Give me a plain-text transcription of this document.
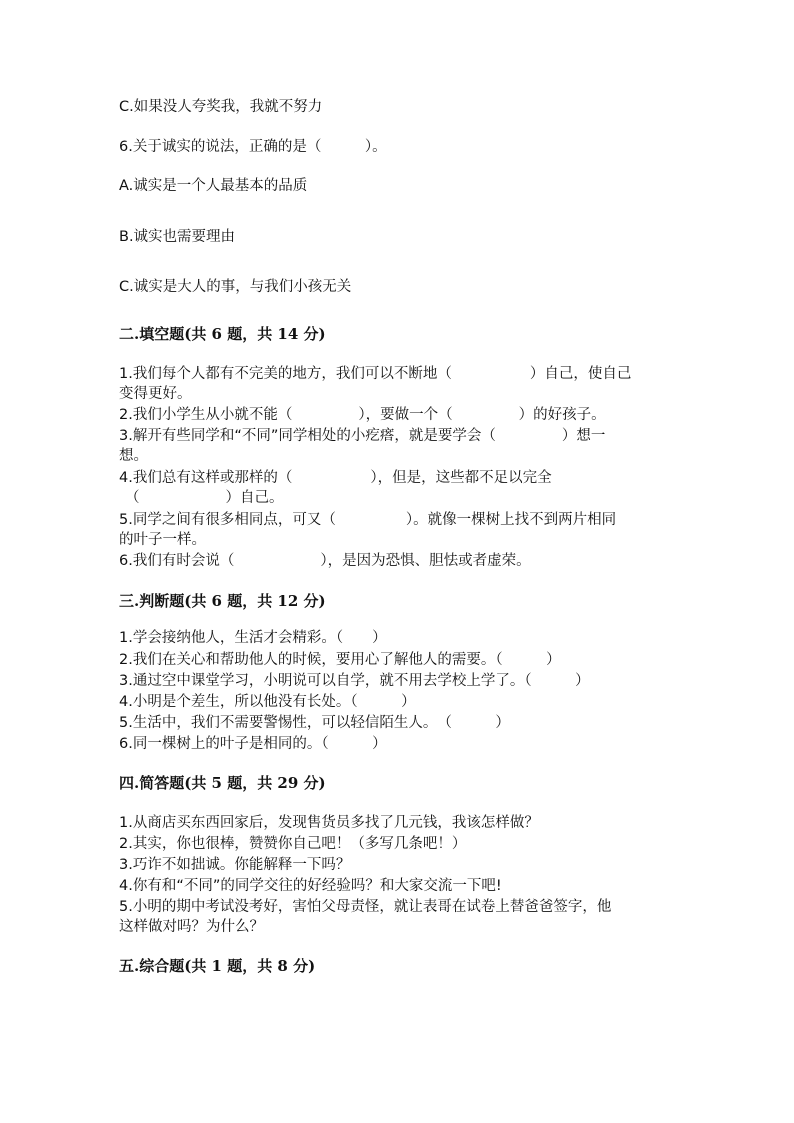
C.如果没人夸奖我，我就不努力
6.关于诚实的说法，正确的是（　　　）。
A.诚实是一个人最基本的品质
B.诚实也需要理由
C.诚实是大人的事，与我们小孩无关
二.填空题(共 6 题，共 14 分)
1.我们每个人都有不完美的地方，我们可以不断地（	）自己，使自己
变得更好。
2.我们小学生从小就不能（	），要做一个（	）的好孩子。
3.解开有些同学和“不同”同学相处的小疙瘩，就是要学会（	）想一
想。
4.我们总有这样或那样的（	），但是，这些都不足以完全
（	）自己。
5.同学之间有很多相同点，可又（	）。就像一棵树上找不到两片相同
的叶子一样。
6.我们有时会说（	），是因为恐惧、胆怯或者虚荣。
三.判断题(共 6 题，共 12 分)
1.学会接纳他人，生活才会精彩。（　　）
2.我们在关心和帮助他人的时候，要用心了解他人的需要。（　　　）
3.通过空中课堂学习，小明说可以自学，就不用去学校上学了。（　　　）
4.小明是个差生，所以他没有长处。（　　　）
5.生活中，我们不需要警惕性，可以轻信陌生人。　（　　　）
6.同一棵树上的叶子是相同的。（　　　）
四.简答题(共 5 题，共 29 分)
1.从商店买东西回家后，发现售货员多找了几元钱，我该怎样做？
2.其实，你也很棒，赞赞你自己吧！（多写几条吧！）
3.巧诈不如拙诚。你能解释一下吗？
4.你有和“不同”的同学交往的好经验吗？和大家交流一下吧!
5.小明的期中考试没考好，害怕父母责怪，就让表哥在试卷上替爸爸签字，他
这样做对吗？为什么？
五.综合题(共 1 题，共 8 分)
